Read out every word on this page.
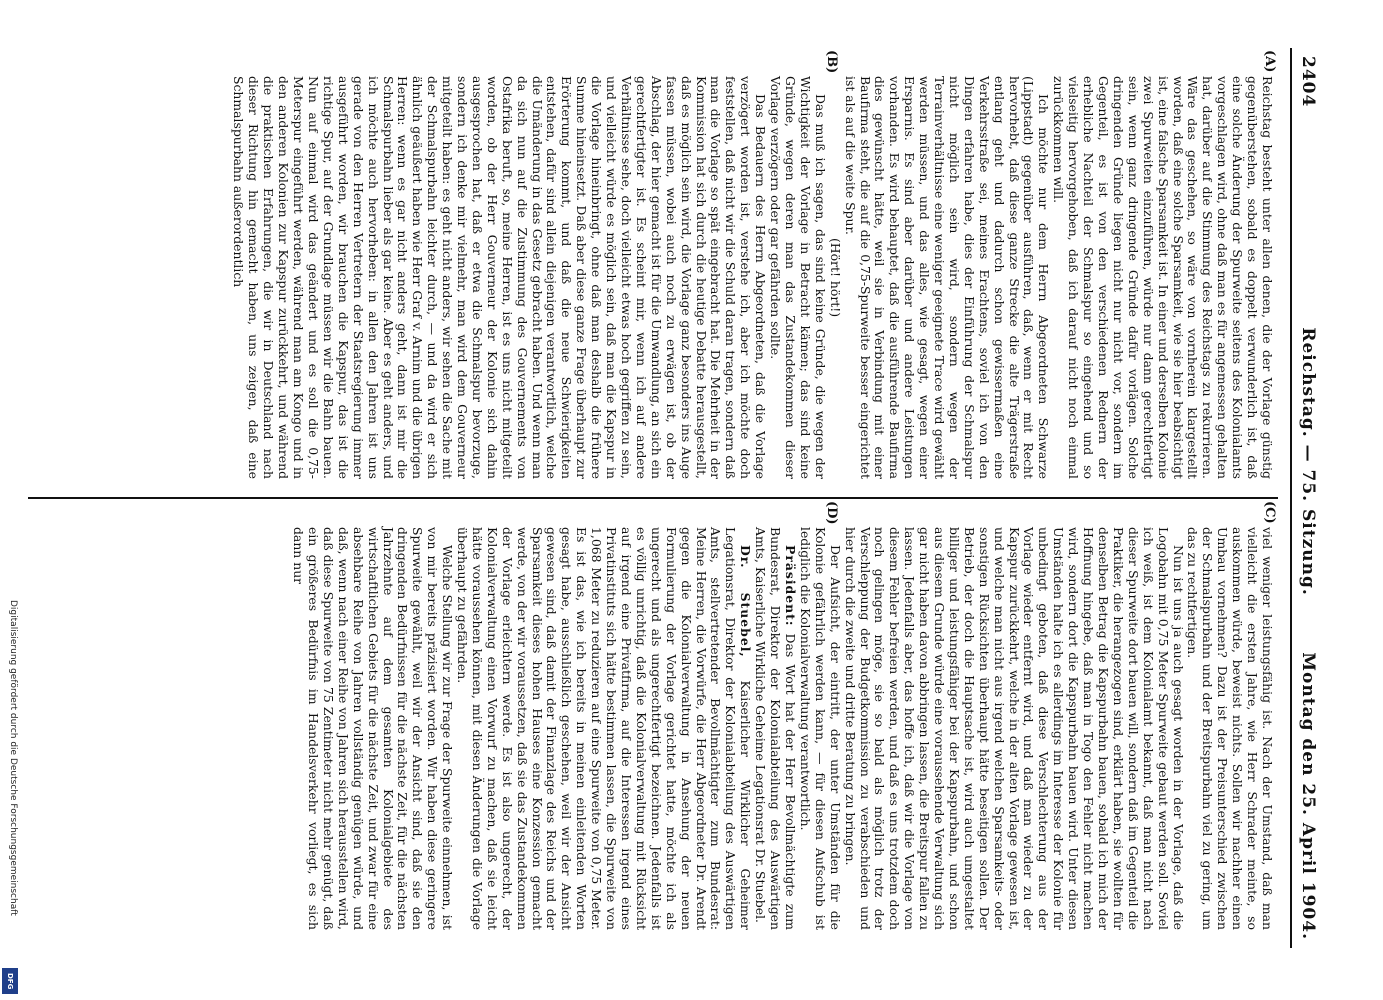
2404
Reichstag. — 75. Sitzung.
Montag den 25. April 1904.
(A)
(B)

Reichstag besteht unter allen denen, die der Vorlage günstig gegenüberstehen, sobald es doppelt verwunderlich ist, daß eine solche Änderung der Spurweite seitens des Kolonialamts vorgeschlagen wird, ohne daß man es für angemessen gehalten hat, darüber auf die Stimmung des Reichstags zu rekurrieren. Wäre das geschehen, so wäre von vornherein klargestellt worden, daß eine solche Sparsamkeit, wie sie hier beabsichtigt ist, eine falsche Sparsamkeit ist. In einer und derselben Kolonie zwei Spurweiten einzuführen, würde nur dann gerechtfertigt sein, wenn ganz dringende Gründe dafür vorlägen. Solche dringenden Gründe liegen nicht nur nicht vor, sondern im Gegenteil, es ist von den verschiedenen Rednern der erhebliche Nachteil der Schmalspur so eingehend und so vielseitig hervorgehoben, daß ich darauf nicht noch einmal zurückkommen will.

Ich möchte nur dem Herrn Abgeordneten Schwarze (Lippstadt) gegenüber ausführen, daß, wenn er mit Recht hervorhebt, daß diese ganze Strecke die alte Trägerstraße entlang geht und dadurch schon gewissermaßen eine Verkehrsstraße sei, meines Erachtens, soviel ich von den Dingen erfahren habe, dies der Einführung der Schmalspur nicht möglich sein wird, sondern wegen der Terrainverhältnisse eine weniger geeignete Trace wird gewählt werden müssen, und das alles, wie gesagt, wegen einer Ersparnis. Es sind aber darüber und andere Leistungen vorhanden. Es wird behauptet, daß die ausführende Baufirma dies gewünscht hätte, weil sie in Verbindung mit einer Baufirma steht, die auf die 0,75-Spurweite besser eingerichtet ist als auf die weite Spur.

(Hört! hört!)

Das muß ich sagen, das sind keine Gründe, die wegen der Wichtigkeit der Vorlage in Betracht kämen; das sind keine Gründe, wegen deren man das Zustandekommen dieser Vorlage verzögern oder gar gefährden sollte.

Das Bedauern des Herrn Abgeordneten, daß die Vorlage verzögert worden ist, verstehe ich, aber ich möchte doch feststellen, daß nicht wir die Schuld daran tragen, sondern daß man die Vorlage so spät eingebracht hat. Die Mehrheit in der Kommission hat sich durch die heutige Debatte herausgestellt, daß es möglich sein wird, die Vorlage ganz besonders ins Auge fassen müssen, wobei auch noch zu erwägen ist, ob der Abschlag, der hier gemacht ist für die Umwandlung, an sich ein gerechtfertigter ist. Es scheint mir, wenn ich auf andere Verhältnisse sehe, doch vielleicht etwas hoch gegriffen zu sein, und vielleicht würde es möglich sein, daß man die Kapspur in die Vorlage hineinbringt, ohne daß man deshalb die frühere Summe hineinsetzt. Daß aber diese ganze Frage überhaupt zur Erörterung kommt, und daß die neue Schwierigkeiten entstehen, dafür sind allein diejenigen verantwortlich, welche die Umänderung in das Gesetz gebracht haben. Und wenn man da sich nun auf die Zustimmung des Gouvernements von Ostafrika beruft, so, meine Herren, ist es uns nicht mitgeteilt worden, ob der Herr Gouverneur der Kolonie sich dahin ausgesprochen hat, daß er etwa die Schmalspur bevorzuge, sondern ich denke mir vielmehr, man wird dem Gouverneur mitgeteilt haben: es geht nicht anders, wir sehen die Sache mit der Schmalspurbahn leichter durch, — und da wird er sich ähnlich geäußert haben wie Herr Graf v. Arnim und die übrigen Herren: wenn es gar nicht anders geht, dann ist mir die Schmalspurbahn lieber als gar keine. Aber es geht anders, und ich möchte auch hervorheben: in allen den Jahren ist uns gerade von den Herren Vertretern der Staatsregierung immer ausgeführt worden, wir brauchen die Kapspur, das ist die richtige Spur, auf der Grundlage müssen wir die Bahn bauen. Nun auf einmal wird das geändert und es soll die 0,75-Meterspur eingeführt werden, während man am Kongo und in den anderen Kolonien zur Kapspur zurückkehrt, und während die praktischen Erfahrungen, die wir in Deutschland nach dieser Richtung hin gemacht haben, uns zeigen, daß eine Schmalspurbahn außerordentlich

(C)
(D)

viel weniger leistungsfähig ist. Nach der Umstand, daß man vielleicht die ersten Jahre, wie Herr Schrader meinte, so auskommen würde, beweist nichts. Sollen wir nachher einen Umbau vornehmen? Dazu ist der Preisunterschied zwischen der Schmalspurbahn und der Breitspurbahn viel zu gering, um das zu rechtfertigen.

Nun ist uns ja auch gesagt worden in der Vorlage, daß die Logobahn mit 0,75 Meter Spurweite gebaut werden soll. Soviel ich weiß, ist dem Kolonialamt bekannt, daß man nicht nach dieser Spurweite dort bauen will, sondern daß im Gegenteil die Praktiker, die herangezogen sind, erklärt haben, sie wollten für denselben Betrag die Kapspurbahn bauen, sobald ich mich der Hoffnung hingebe, daß man in Togo den Fehler nicht machen wird, sondern dort die Kapspurbahn bauen wird. Unter diesen Umständen halte ich es allerdings im Interesse der Kolonie für unbedingt geboten, daß diese Verschlechterung aus der Vorlage wieder entfernt wird, und daß man wieder zu der Kapspur zurückkehrt, welche in der alten Vorlage gewesen ist, und welche man nicht aus irgend welchen Sparsamkeits- oder sonstigen Rücksichten überhaupt hätte beseitigen sollen. Der Betrieb, der doch die Hauptsache ist, wird auch umgestaltet billiger und leistungsfähiger bei der Kapspurbahn, und schon aus diesem Grunde würde eine voraussehende Verwaltung sich gar nicht haben davon abbringen lassen, die Breitspur fallen zu lassen. Jedenfalls aber, das hoffe ich, daß wir die Vorlage von diesem Fehler befreien werden, und daß es uns trotzdem doch noch gelingen möge, sie so bald als möglich trotz der Verschleppung der Budgetkommission zu verabschieden und hier durch die zweite und dritte Beratung zu bringen.

Der Aufsicht, der eintritt, der unter Umständen für die Kolonie gefährlich werden kann, — für diesen Aufschub ist lediglich die Kolonialverwaltung verantwortlich.

Präsident: Das Wort hat der Herr Bevollmächtigte zum Bundesrat, Direktor der Kolonialabteilung des Auswärtigen Amts, Kaiserliche Wirkliche Geheime Legationsrat Dr. Stuebel.

Dr. Stuebel, Kaiserlicher Wirklicher Geheimer Legationsrat, Direktor der Kolonialabteilung des Auswärtigen Amts, stellvertretender Bevollmächtigter zum Bundesrat: Meine Herren, die Vorwürfe, die Herr Abgeordneter Dr. Arendt gegen die Kolonialverwaltung in Ansehung der neuen Formulierung der Vorlage gerichtet hatte, möchte ich als ungerecht und als ungerechtfertigt bezeichnen. Jedenfalls ist es völlig unrichtig, daß die Kolonialverwaltung mit Rücksicht auf irgend eine Privatfirma, auf die Interessen irgend eines Privatinstituts sich hätte bestimmen lassen, die Spurweite von 1,068 Meter zu reduzieren auf eine Spurweite von 0,75 Meter. Es ist das, wie ich bereits in meinen einleitenden Worten gesagt habe, ausschließlich geschehen, weil wir der Ansicht gewesen sind, daß damit der Finanzlage des Reichs und der Sparsamkeit dieses hohen Hauses eine Konzession gemacht werde, von der wir voraussetzen, daß sie das Zustandekommen der Vorlage erleichtern werde. Es ist also ungerecht, der Kolonialverwaltung einen Vorwurf zu machen, daß sie leicht hätte voraussehen können, mit diesen Änderungen die Vorlage überhaupt zu gefährden.

Welche Stellung wir zur Frage der Spurweite einnehmen, ist von mir bereits präzisiert worden. Wir haben diese geringere Spurweite gewählt, weil wir der Ansicht sind, daß sie den dringenden Bedürfnissen für die nächste Zeit, für die nächsten Jahrzehnte auf dem gesamten Kolonialgebiete des wirtschaftlichen Gebiets für die nächste Zeit, und zwar für eine absehbare Reihe von Jahren vollständig genügen würde, und daß, wenn nach einer Reihe von Jahren sich herausstellen wird, daß diese Spurweite von 75 Zentimeter nicht mehr genügt, daß ein größeres Bedürfnis im Handelsverkehr vorliegt, es sich dann nur

Digitalisierung gefördert durch die Deutsche Forschungsgemeinschaft
DFG
